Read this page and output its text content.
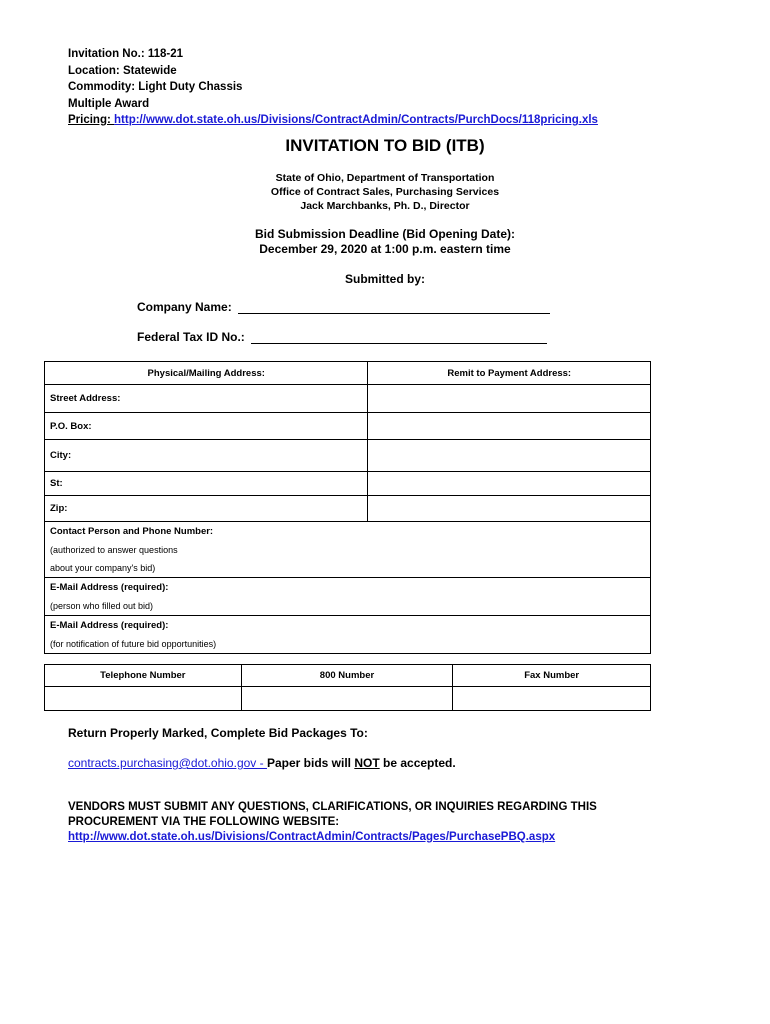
Invitation No.: 118-21
Location: Statewide
Commodity: Light Duty Chassis
Multiple Award
Pricing: http://www.dot.state.oh.us/Divisions/ContractAdmin/Contracts/PurchDocs/118pricing.xls
INVITATION TO BID (ITB)
State of Ohio, Department of Transportation
Office of Contract Sales, Purchasing Services
Jack Marchbanks, Ph. D., Director
Bid Submission Deadline (Bid Opening Date):
December 29, 2020 at 1:00 p.m. eastern time
Submitted by:
Company Name:
Federal Tax ID No.:
Physical/Mailing Address:	Remit to Payment Address:
Street Address:	
P.O. Box:	
City:	
St:	
Zip:	

Contact Person and Phone Number:
(authorized to answer questions
about your company's bid)	

E-Mail Address (required):
(person who filled out bid)	

E-Mail Address (required):
(for notification of future bid opportunities)	
Telephone Number	800 Number	Fax Number

Return Properly Marked, Complete Bid Packages To:
contracts.purchasing@dot.ohio.gov - Paper bids will NOT be accepted.
VENDORS MUST SUBMIT ANY QUESTIONS, CLARIFICATIONS, OR INQUIRIES REGARDING THIS
PROCUREMENT VIA THE FOLLOWING WEBSITE:
http://www.dot.state.oh.us/Divisions/ContractAdmin/Contracts/Pages/PurchasePBQ.aspx
